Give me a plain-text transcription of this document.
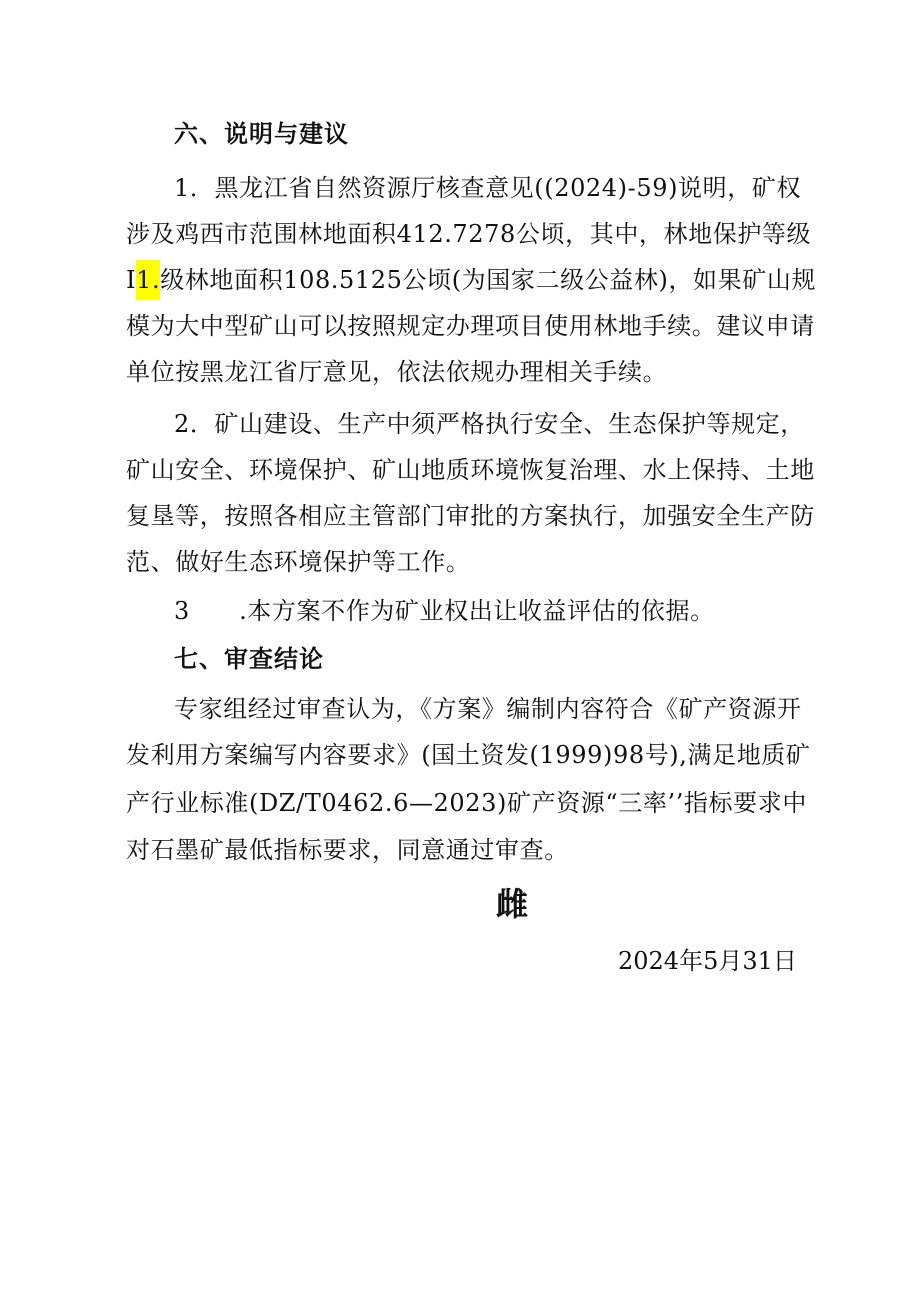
六、说明与建议
1．黑龙江省自然资源厅核查意见((2024)-59)说明，矿权
涉及鸡西市范围林地面积412.7278公顷，其中，林地保护等级
I1.级林地面积108.5125公顷(为国家二级公益林)，如果矿山规
模为大中型矿山可以按照规定办理项目使用林地手续。建议申请
单位按黑龙江省厅意见，依法依规办理相关手续。
2．矿山建设、生产中须严格执行安全、生态保护等规定，
矿山安全、环境保护、矿山地质环境恢复治理、水上保持、土地
复垦等，按照各相应主管部门审批的方案执行，加强安全生产防
范、做好生态环境保护等工作。
3　　.本方案不作为矿业权出让收益评估的依据。
七、审查结论
专家组经过审查认为，《方案》编制内容符合《矿产资源开
发利用方案编写内容要求》(国土资发(1999)98号),满足地质矿
产行业标准(DZ/T0462.6—2023)矿产资源“三率’’指标要求中
对石墨矿最低指标要求，同意通过审查。
雌
2024年5月31日
